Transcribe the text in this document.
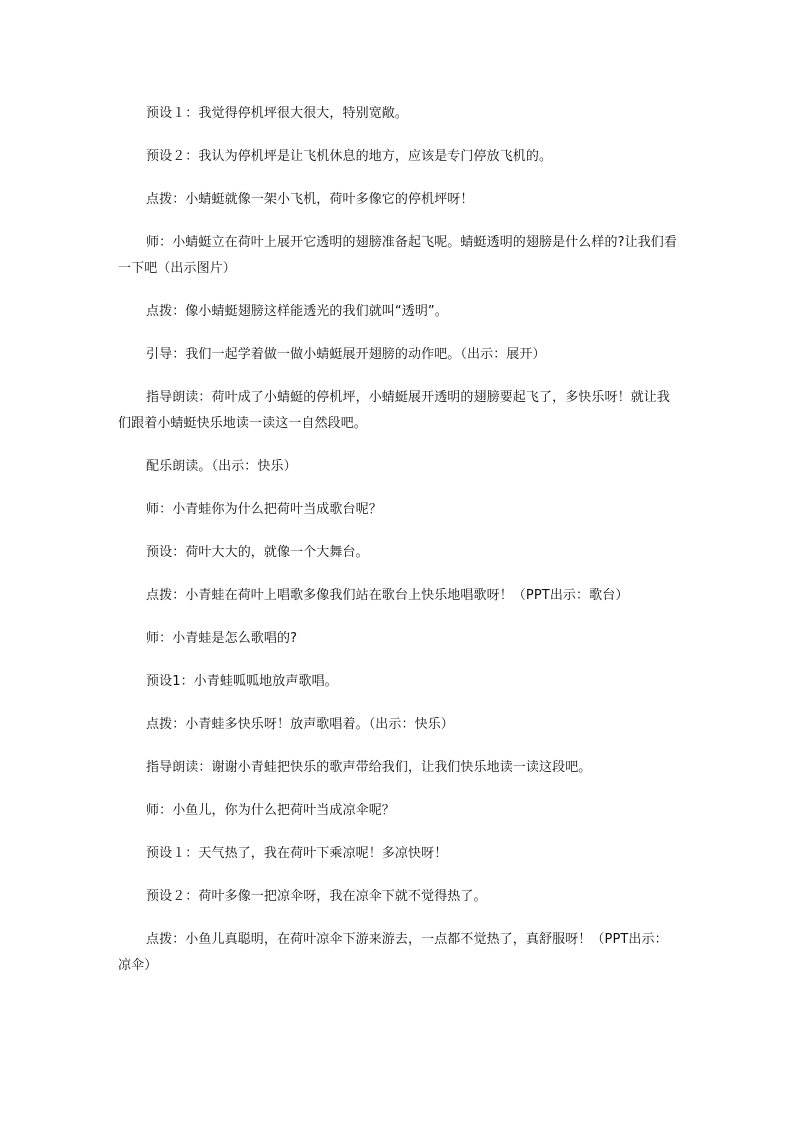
预设１：我觉得停机坪很大很大，特别宽敞。

预设２：我认为停机坪是让飞机休息的地方，应该是专门停放飞机的。

点拨：小蜻蜓就像一架小飞机，荷叶多像它的停机坪呀！

师：小蜻蜓立在荷叶上展开它透明的翅膀准备起飞呢。蜻蜓透明的翅膀是什么样的?让我们看一下吧（出示图片）

点拨：像小蜻蜓翅膀这样能透光的我们就叫“透明”。

引导：我们一起学着做一做小蜻蜓展开翅膀的动作吧。（出示：展开）

指导朗读：荷叶成了小蜻蜓的停机坪，小蜻蜓展开透明的翅膀要起飞了，多快乐呀！就让我们跟着小蜻蜓快乐地读一读这一自然段吧。

配乐朗读。（出示：快乐）

师：小青蛙你为什么把荷叶当成歌台呢？

预设：荷叶大大的，就像一个大舞台。

点拨：小青蛙在荷叶上唱歌多像我们站在歌台上快乐地唱歌呀！（PPT出示：歌台）

师：小青蛙是怎么歌唱的?

预设1：小青蛙呱呱地放声歌唱。

点拨：小青蛙多快乐呀！放声歌唱着。（出示：快乐）

指导朗读：谢谢小青蛙把快乐的歌声带给我们，让我们快乐地读一读这段吧。

师：小鱼儿，你为什么把荷叶当成凉伞呢？

预设１：天气热了，我在荷叶下乘凉呢！多凉快呀！

预设２：荷叶多像一把凉伞呀，我在凉伞下就不觉得热了。

点拨：小鱼儿真聪明，在荷叶凉伞下游来游去，一点都不觉热了，真舒服呀！（PPT出示：凉伞）
